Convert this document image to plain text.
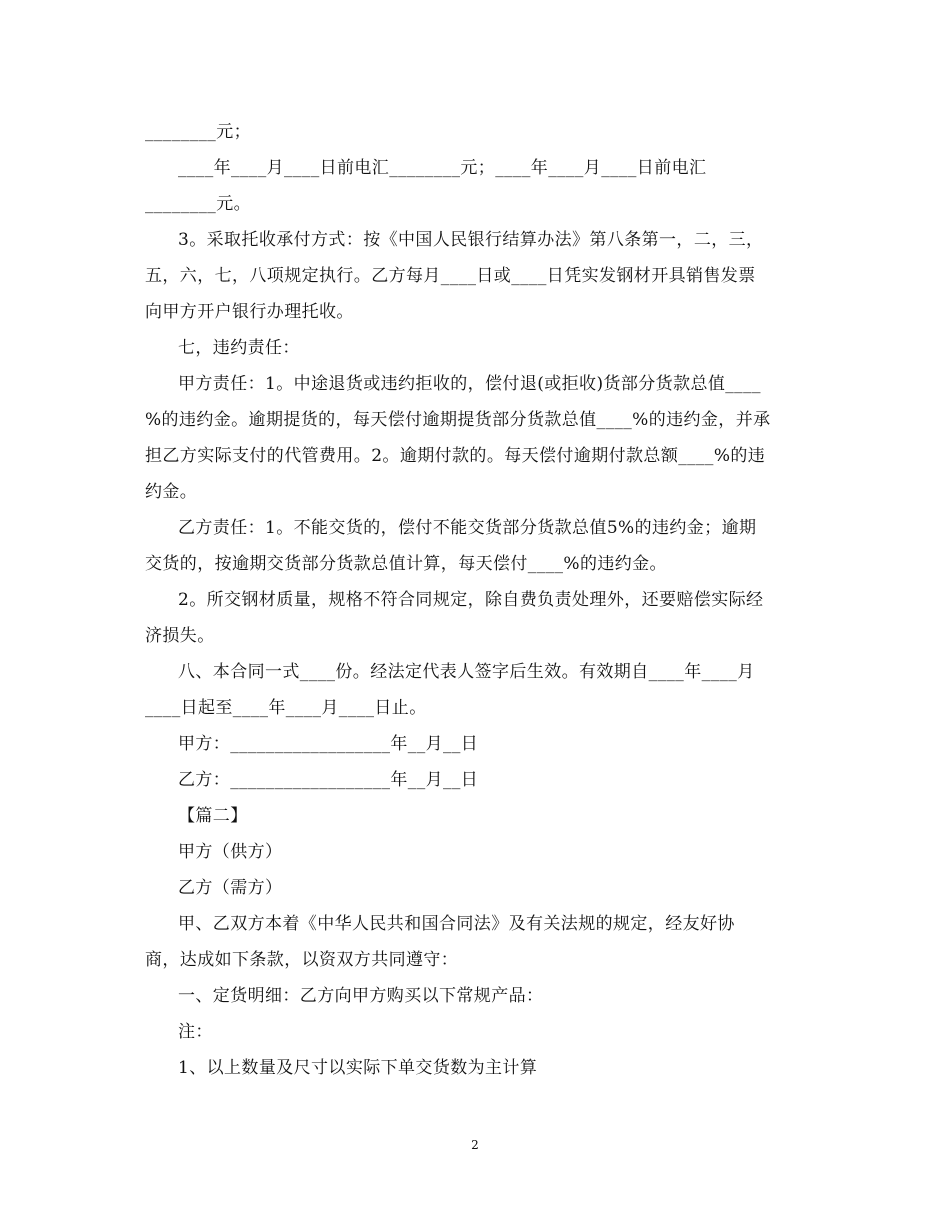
________元；
____年____月____日前电汇________元；____年____月____日前电汇
________元。
3。采取托收承付方式：按《中国人民银行结算办法》第八条第一，二，三，
五，六，七，八项规定执行。乙方每月____日或____日凭实发钢材开具销售发票
向甲方开户银行办理托收。
七，违约责任：
甲方责任：1。中途退货或违约拒收的，偿付退(或拒收)货部分货款总值____
%的违约金。逾期提货的，每天偿付逾期提货部分货款总值____%的违约金，并承
担乙方实际支付的代管费用。2。逾期付款的。每天偿付逾期付款总额____%的违
约金。
乙方责任：1。不能交货的，偿付不能交货部分货款总值5%的违约金；逾期
交货的，按逾期交货部分货款总值计算，每天偿付____%的违约金。
2。所交钢材质量，规格不符合同规定，除自费负责处理外，还要赔偿实际经
济损失。
八、本合同一式____份。经法定代表人签字后生效。有效期自____年____月
____日起至____年____月____日止。
甲方：__________________年__月__日
乙方：__________________年__月__日
【篇二】
甲方（供方）
乙方（需方）
甲、乙双方本着《中华人民共和国合同法》及有关法规的规定，经友好协
商，达成如下条款，以资双方共同遵守：
一、定货明细：乙方向甲方购买以下常规产品：
注：
1、以上数量及尺寸以实际下单交货数为主计算
2
